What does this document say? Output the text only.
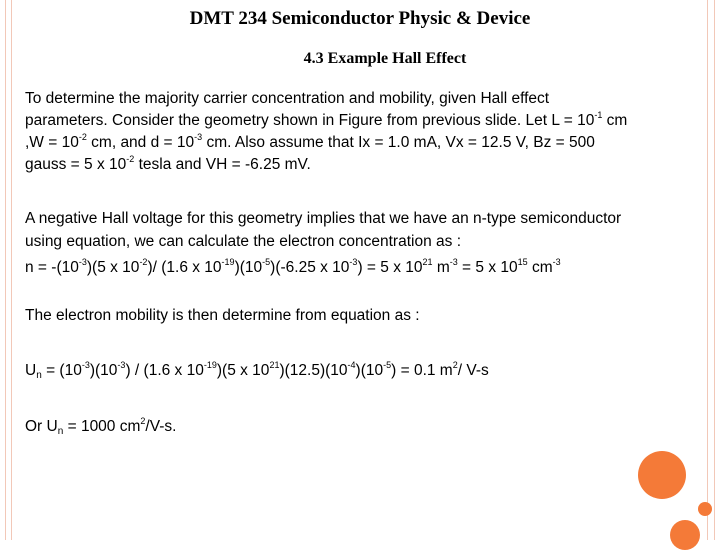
DMT 234 Semiconductor Physic & Device
4.3 Example Hall Effect
To determine the majority carrier concentration and mobility, given Hall effect
parameters. Consider the geometry shown in Figure from previous slide. Let $L = 10^{-1}$ cm
$,W = 10^{-2}$ cm, and $d = 10^{-3}$ cm. Also assume that Ix = 1.0 mA, Vx = 12.5 V, Bz = 500
gauss = 5 x $10^{-2}$ tesla and VH = -6.25 mV.
A negative Hall voltage for this geometry implies that we have an n-type semiconductor
using equation, we can calculate the electron concentration as :
$n = -(10^{-3})(5$ x $10^{-2})/$ (1.6 x $10^{-19})(10^{-5})(-6.25$ x $10^{-3}) = 5$ x $10^{21}$ $m^{-3} = 5$ x $10^{15}$ $cm^{-3}$
The electron mobility is then determine from equation as :
$U_n = (10^{-3})(10^{-3}) / (1.6$ x $10^{-19})(5$ x $10^{21})(12.5)(10^{-4})(10^{-5}) = 0.1$ $m^2/$ V-s
Or $U_n = 1000$ $cm^2/V-s$.
